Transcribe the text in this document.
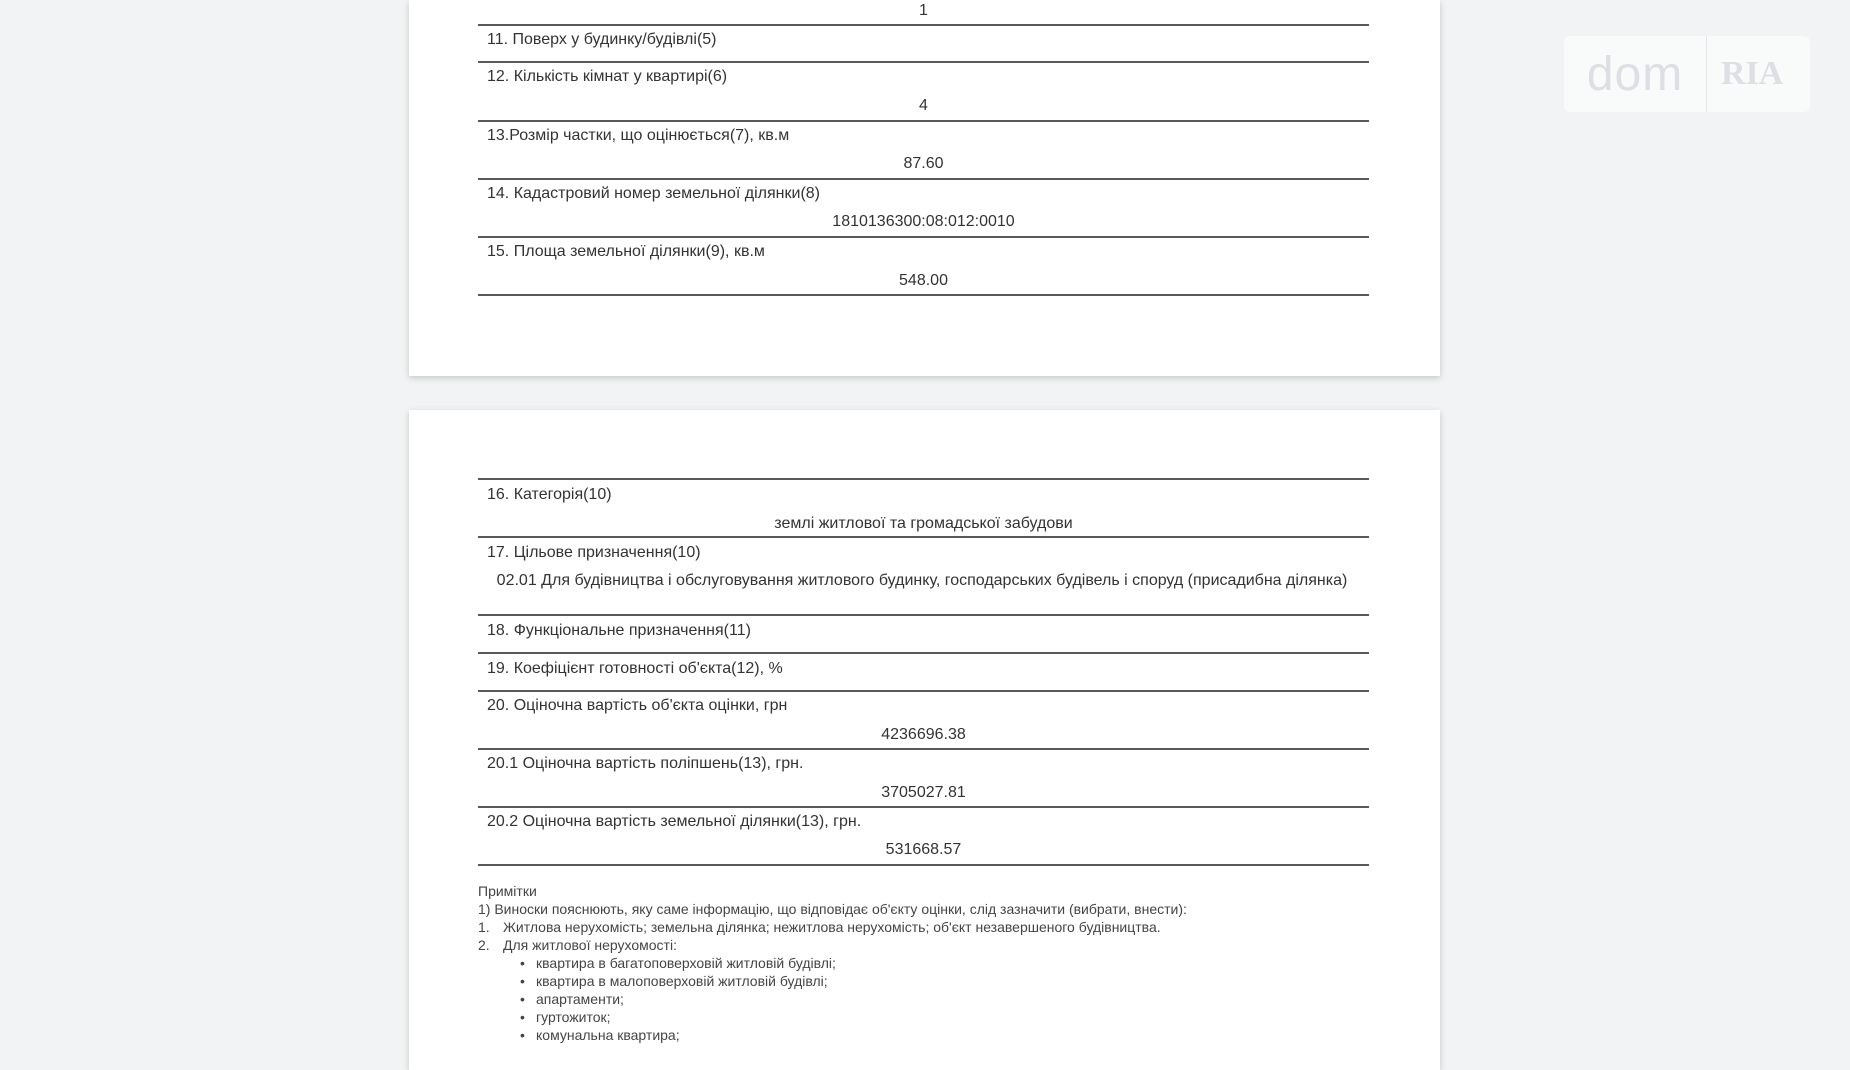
1
11. Поверх у будинку/будівлі(5)
12. Кількість кімнат у квартирі(6)
4
13.Розмір частки, що оцінюється(7), кв.м
87.60
14. Кадастровий номер земельної ділянки(8)
1810136300:08:012:0010
15. Площа земельної ділянки(9), кв.м
548.00
16. Категорія(10)
землі житлової та громадської забудови
17. Цільове призначення(10)
02.01 Для будівництва і обслуговування житлового будинку, господарських будівель і споруд (присадибна ділянка)
18. Функціональне призначення(11)
19. Коефіцієнт готовності об'єкта(12), %
20. Оціночна вартість об'єкта оцінки, грн
4236696.38
20.1 Оціночна вартість поліпшень(13), грн.
3705027.81
20.2 Оціночна вартість земельної ділянки(13), грн.
531668.57
Примітки
1) Виноски пояснюють, яку саме інформацію, що відповідає об'єкту оцінки, слід зазначити (вибрати, внести):
1. Житлова нерухомість; земельна ділянка; нежитлова нерухомість; об'єкт незавершеного будівництва.
2. Для житлової нерухомості:
• квартира в багатоповерховій житловій будівлі;
• квартира в малоповерховій житловій будівлі;
• апартаменти;
• гуртожиток;
• комунальна квартира;
dom	RIA
